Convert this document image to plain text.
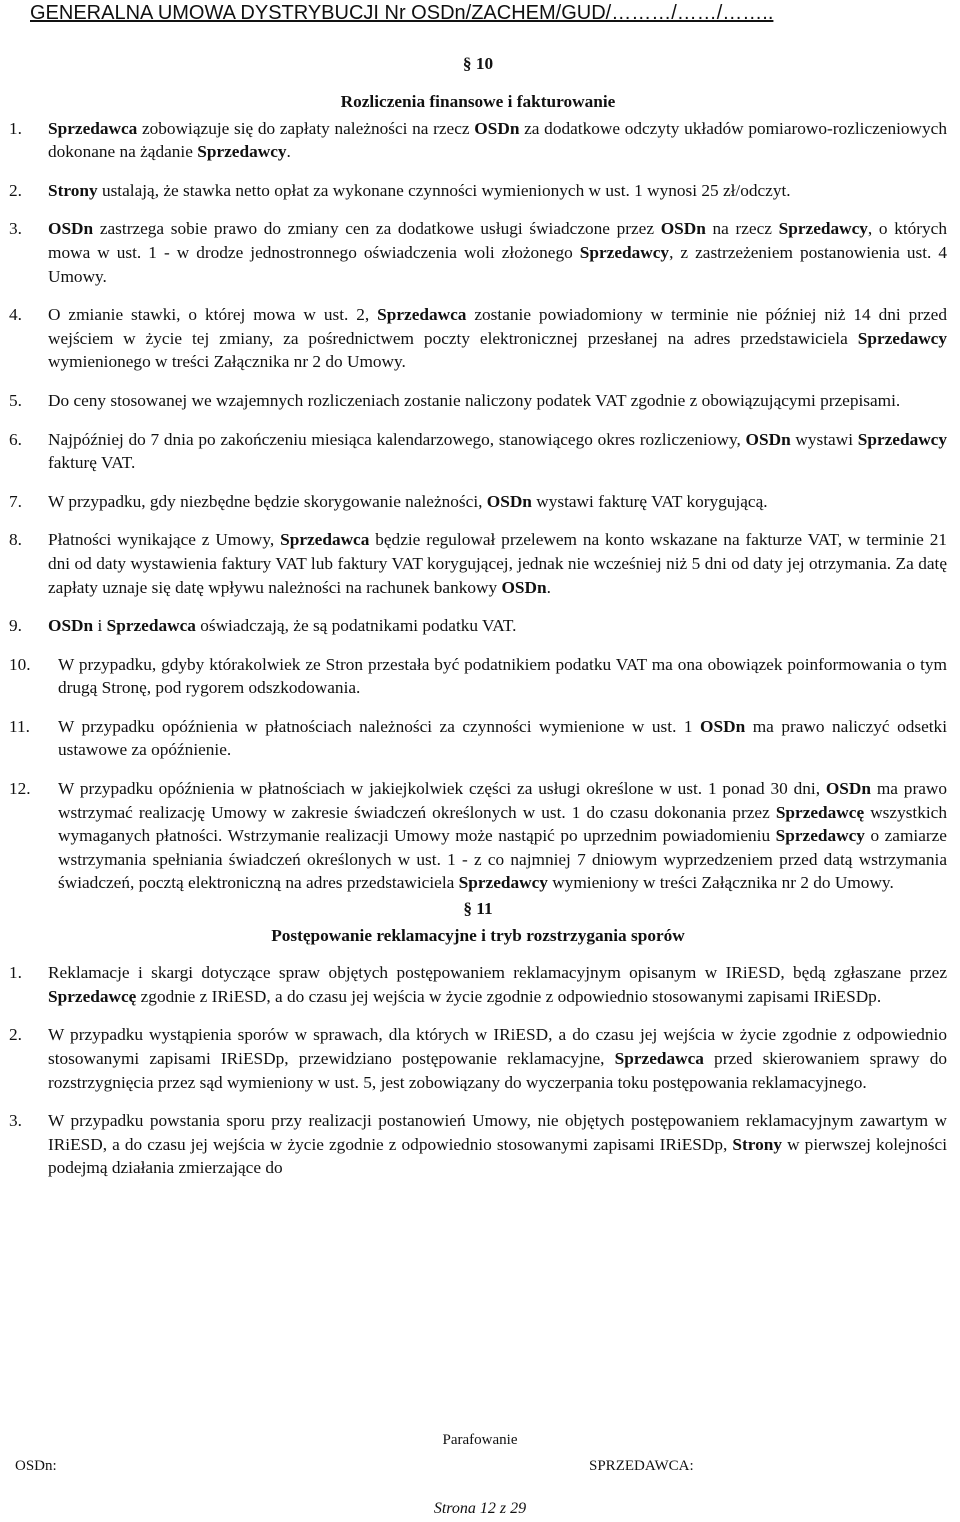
GENERALNA UMOWA DYSTRYBUCJI Nr OSDn/ZACHEM/GUD/………/……/……..
§ 10
Rozliczenia finansowe i fakturowanie
1.	Sprzedawca zobowiązuje się do zapłaty należności na rzecz OSDn za dodatkowe odczyty układów pomiarowo-rozliczeniowych dokonane na żądanie Sprzedawcy.
2.	Strony ustalają, że stawka netto opłat za wykonane czynności wymienionych w ust. 1 wynosi 25 zł/odczyt.
3.	OSDn zastrzega sobie prawo do zmiany cen za dodatkowe usługi świadczone przez OSDn na rzecz Sprzedawcy, o których mowa w ust. 1 - w drodze jednostronnego oświadczenia woli złożonego Sprzedawcy, z zastrzeżeniem postanowienia ust. 4 Umowy.
4.	O zmianie stawki, o której mowa w ust. 2, Sprzedawca zostanie powiadomiony w terminie nie później niż 14 dni przed wejściem w życie tej zmiany, za pośrednictwem poczty elektronicznej przesłanej na adres przedstawiciela Sprzedawcy wymienionego w treści Załącznika nr 2 do Umowy.
5.	Do ceny stosowanej we wzajemnych rozliczeniach zostanie naliczony podatek VAT zgodnie z obowiązującymi przepisami.
6.	Najpóźniej do 7 dnia po zakończeniu miesiąca kalendarzowego, stanowiącego okres rozliczeniowy, OSDn wystawi Sprzedawcy fakturę VAT.
7.	W przypadku, gdy niezbędne będzie skorygowanie należności, OSDn wystawi fakturę VAT korygującą.
8.	Płatności wynikające z Umowy, Sprzedawca będzie regulował przelewem na konto wskazane na fakturze VAT, w terminie 21 dni od daty wystawienia faktury VAT lub faktury VAT korygującej, jednak nie wcześniej niż 5 dni od daty jej otrzymania. Za datę zapłaty uznaje się datę wpływu należności na rachunek bankowy OSDn.
9.	OSDn i Sprzedawca oświadczają, że są podatnikami podatku VAT.
10.	W przypadku, gdyby którakolwiek ze Stron przestała być podatnikiem podatku VAT ma ona obowiązek poinformowania o tym drugą Stronę, pod rygorem odszkodowania.
11.	W przypadku opóźnienia w płatnościach należności za czynności wymienione w ust. 1 OSDn ma prawo naliczyć odsetki ustawowe za opóźnienie.
12.	W przypadku opóźnienia w płatnościach w jakiejkolwiek części za usługi określone w ust. 1 ponad 30 dni, OSDn ma prawo wstrzymać realizację Umowy w zakresie świadczeń określonych w ust. 1 do czasu dokonania przez Sprzedawcę wszystkich wymaganych płatności. Wstrzymanie realizacji Umowy może nastąpić po uprzednim powiadomieniu Sprzedawcy o zamiarze wstrzymania spełniania świadczeń określonych w ust. 1 - z co najmniej 7 dniowym wyprzedzeniem przed datą wstrzymania świadczeń, pocztą elektroniczną na adres przedstawiciela Sprzedawcy wymieniony w treści Załącznika nr 2 do Umowy.
§ 11
Postępowanie reklamacyjne i tryb rozstrzygania sporów
1.	Reklamacje i skargi dotyczące spraw objętych postępowaniem reklamacyjnym opisanym w IRiESD, będą zgłaszane przez Sprzedawcę zgodnie z IRiESD, a do czasu jej wejścia w życie zgodnie z odpowiednio stosowanymi zapisami IRiESDp.
2.	W przypadku wystąpienia sporów w sprawach, dla których w IRiESD, a do czasu jej wejścia w życie zgodnie z odpowiednio stosowanymi zapisami IRiESDp, przewidziano postępowanie reklamacyjne, Sprzedawca przed skierowaniem sprawy do rozstrzygnięcia przez sąd wymieniony w ust. 5, jest zobowiązany do wyczerpania toku postępowania reklamacyjnego.
3.	W przypadku powstania sporu przy realizacji postanowień Umowy, nie objętych postępowaniem reklamacyjnym zawartym w IRiESD, a do czasu jej wejścia w życie zgodnie z odpowiednio stosowanymi zapisami IRiESDp, Strony w pierwszej kolejności podejmą działania zmierzające do
Parafowanie
OSDn:	SPRZEDAWCA:
Strona 12 z 29
